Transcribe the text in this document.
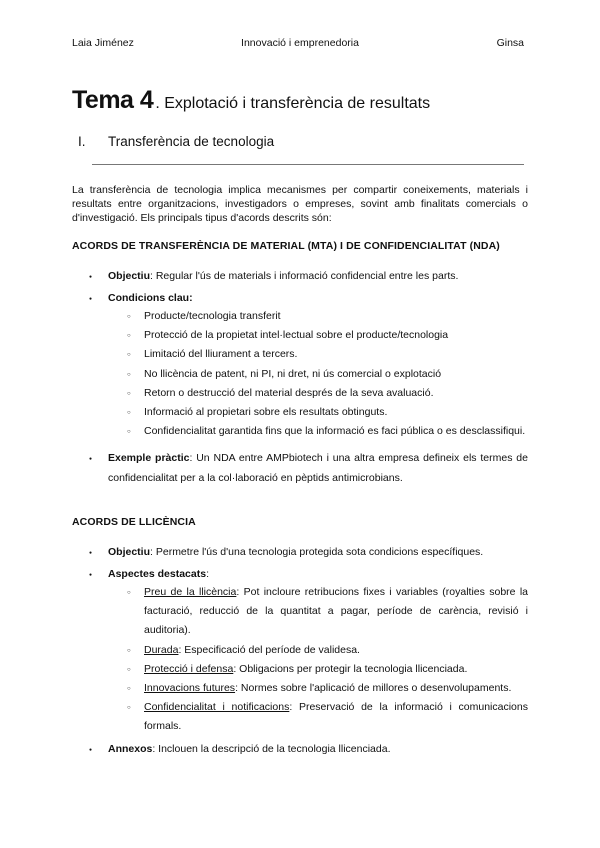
Laia Jiménez	Innovació i emprenedoria	Ginsa
Tema 4 . Explotació i transferència de resultats
I. Transferència de tecnologia
La transferència de tecnologia implica mecanismes per compartir coneixements, materials i resultats entre organitzacions, investigadors o empreses, sovint amb finalitats comercials o d'investigació. Els principals tipus d'acords descrits són:
ACORDS DE TRANSFERÈNCIA DE MATERIAL (MTA) I DE CONFIDENCIALITAT (NDA)
● Objectiu: Regular l'ús de materials i informació confidencial entre les parts.
● Condicions clau:
○ Producte/tecnologia transferit
○ Protecció de la propietat intel·lectual sobre el producte/tecnologia
○ Limitació del lliurament a tercers.
○ No llicència de patent, ni PI, ni dret, ni ús comercial o explotació
○ Retorn o destrucció del material després de la seva avaluació.
○ Informació al propietari sobre els resultats obtinguts.
○ Confidencialitat garantida fins que la informació es faci pública o es desclassifiqui.
● Exemple pràctic: Un NDA entre AMPbiotech i una altra empresa defineix els termes de confidencialitat per a la col·laboració en pèptids antimicrobians.
ACORDS DE LLICÈNCIA
● Objectiu: Permetre l'ús d'una tecnologia protegida sota condicions específiques.
● Aspectes destacats:
○ Preu de la llicència: Pot incloure retribucions fixes i variables (royalties sobre la facturació, reducció de la quantitat a pagar, període de carència, revisió i auditoria).
○ Durada: Especificació del període de validesa.
○ Protecció i defensa: Obligacions per protegir la tecnologia llicenciada.
○ Innovacions futures: Normes sobre l'aplicació de millores o desenvolupaments.
○ Confidencialitat i notificacions: Preservació de la informació i comunicacions formals.
● Annexos: Inclouen la descripció de la tecnologia llicenciada.
